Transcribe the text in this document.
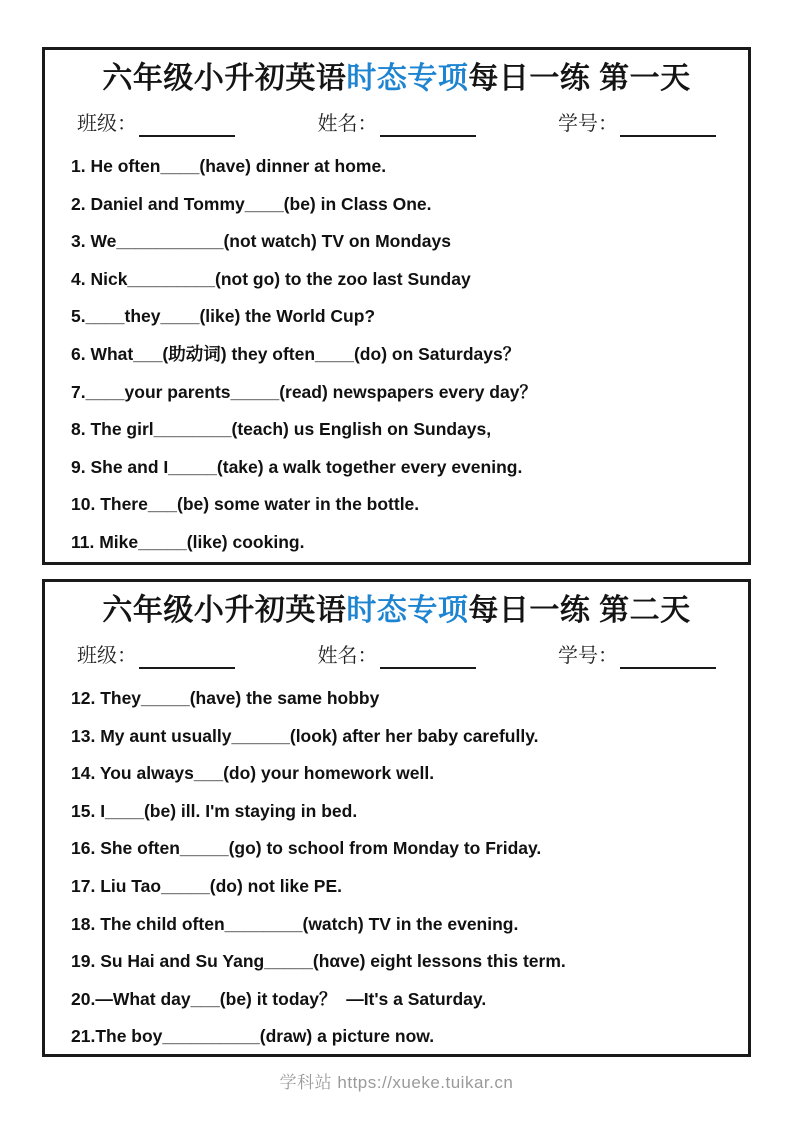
六年级小升初英语时态专项每日一练 第一天
班级：	姓名：	学号：
1. He often____(have) dinner at home.
2. Daniel and Tommy____(be) in Class One.
3. We___________(not watch) TV on Mondays
4. Nick_________(not go) to the zoo last Sunday
5.____they____(like) the World Cup?
6. What___(助动词) they often____(do) on Saturdays？
7.____your parents_____(read) newspapers every day？
8. The girl________(teach) us English on Sundays,
9. She and I_____(take) a walk together every evening.
10. There___(be) some water in the bottle.
11. Mike_____(like) cooking.
六年级小升初英语时态专项每日一练 第二天
班级：	姓名：	学号：
12. They_____(have) the same hobby
13. My aunt usually______(look) after her baby carefully.
14. You always___(do) your homework well.
15. I____(be) ill. I'm staying in bed.
16. She often_____(go) to school from Monday to Friday.
17. Liu Tao_____(do) not like PE.
18. The child often________(watch) TV in the evening.
19. Su Hai and Su Yang_____(hαve) eight lessons this term.
20.—What day___(be) it today？  —It's a Saturday.
21.The boy__________(draw) a picture now.
学科站 https://xueke.tuikar.cn
